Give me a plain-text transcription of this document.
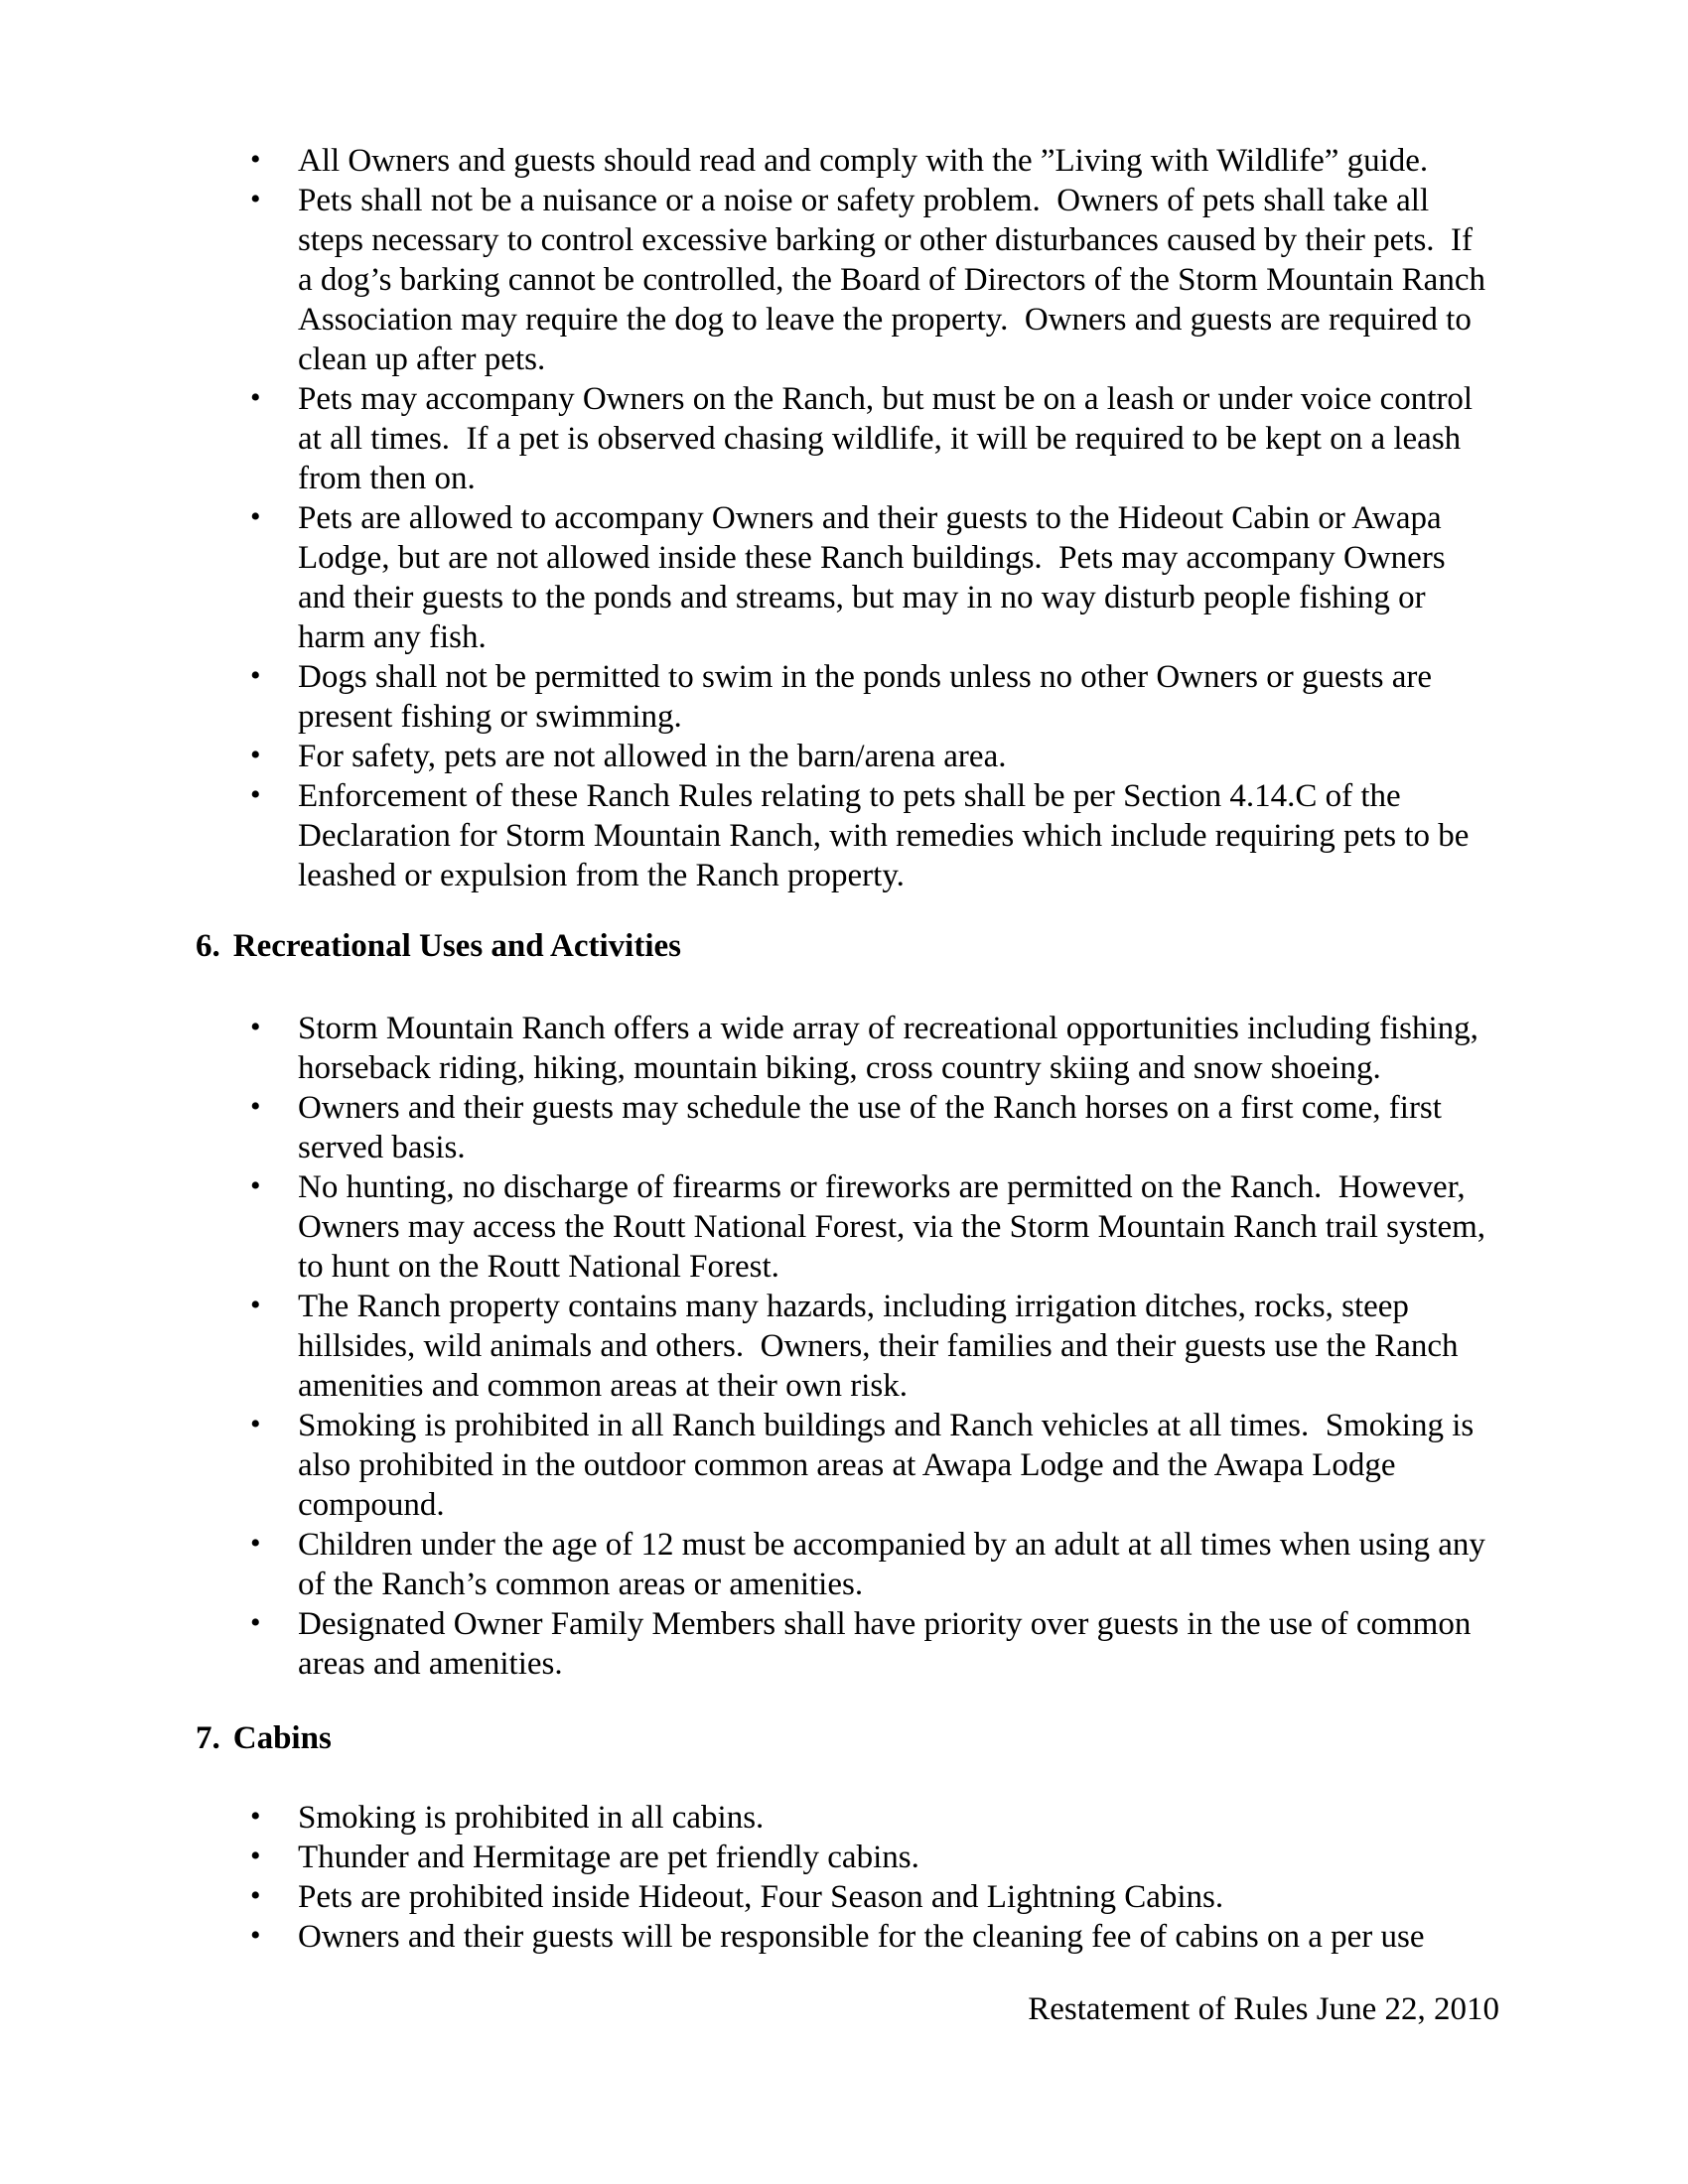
• All Owners and guests should read and comply with the ”Living with Wildlife” guide.
• Pets shall not be a nuisance or a noise or safety problem.  Owners of pets shall take all steps necessary to control excessive barking or other disturbances caused by their pets.  If a dog’s barking cannot be controlled, the Board of Directors of the Storm Mountain Ranch Association may require the dog to leave the property.  Owners and guests are required to clean up after pets.
• Pets may accompany Owners on the Ranch, but must be on a leash or under voice control at all times.  If a pet is observed chasing wildlife, it will be required to be kept on a leash from then on.
• Pets are allowed to accompany Owners and their guests to the Hideout Cabin or Awapa Lodge, but are not allowed inside these Ranch buildings.  Pets may accompany Owners and their guests to the ponds and streams, but may in no way disturb people fishing or harm any fish.
• Dogs shall not be permitted to swim in the ponds unless no other Owners or guests are present fishing or swimming.
• For safety, pets are not allowed in the barn/arena area.
• Enforcement of these Ranch Rules relating to pets shall be per Section 4.14.C of the Declaration for Storm Mountain Ranch, with remedies which include requiring pets to be leashed or expulsion from the Ranch property.
6. Recreational Uses and Activities
• Storm Mountain Ranch offers a wide array of recreational opportunities including fishing, horseback riding, hiking, mountain biking, cross country skiing and snow shoeing.
• Owners and their guests may schedule the use of the Ranch horses on a first come, first served basis.
• No hunting, no discharge of firearms or fireworks are permitted on the Ranch.  However, Owners may access the Routt National Forest, via the Storm Mountain Ranch trail system, to hunt on the Routt National Forest.
• The Ranch property contains many hazards, including irrigation ditches, rocks, steep hillsides, wild animals and others.  Owners, their families and their guests use the Ranch amenities and common areas at their own risk.
• Smoking is prohibited in all Ranch buildings and Ranch vehicles at all times.  Smoking is also prohibited in the outdoor common areas at Awapa Lodge and the Awapa Lodge compound.
• Children under the age of 12 must be accompanied by an adult at all times when using any of the Ranch’s common areas or amenities.
• Designated Owner Family Members shall have priority over guests in the use of common areas and amenities.
7. Cabins
• Smoking is prohibited in all cabins.
• Thunder and Hermitage are pet friendly cabins.
• Pets are prohibited inside Hideout, Four Season and Lightning Cabins.
• Owners and their guests will be responsible for the cleaning fee of cabins on a per use
Restatement of Rules June 22, 2010
